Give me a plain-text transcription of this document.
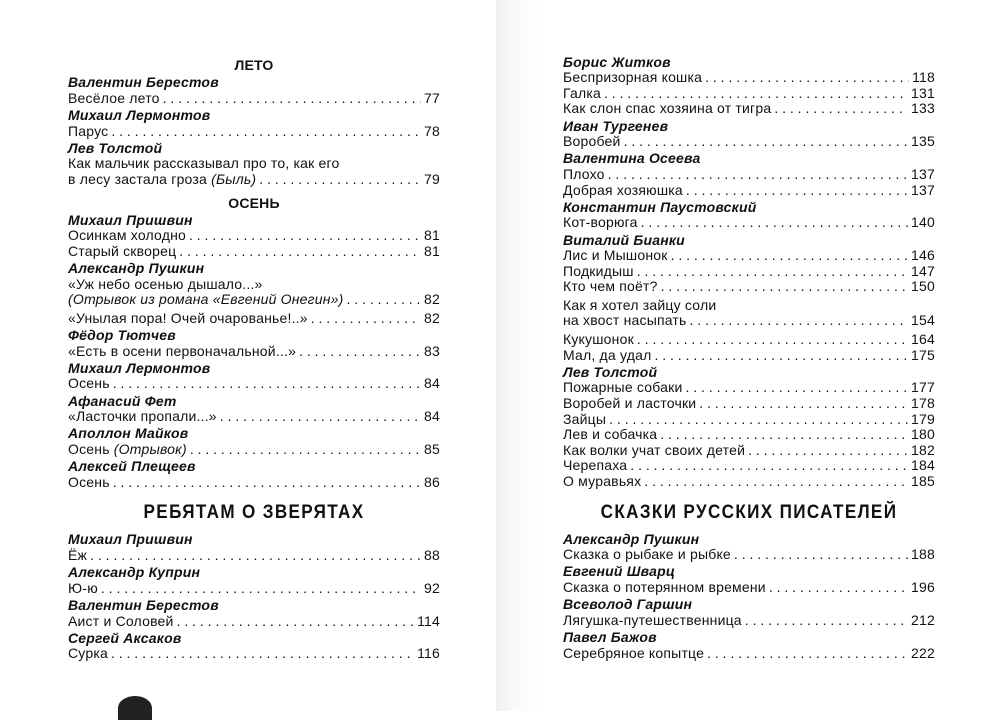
ЛЕТО
Валентин Берестов
Весёлое лето . . .	77
Михаил Лермонтов
Парус . . .	78
Лев Толстой
Как мальчик рассказывал про то, как его
в лесу застала гроза (Быль) . . .	79
ОСЕНЬ
Михаил Пришвин
Осинкам холодно . . .	81
Старый скворец . . .	81
Александр Пушкин
«Уж небо осенью дышало...»
(Отрывок из романа «Евгений Онегин») . . .	82
«Унылая пора! Очей очарованье!..» . . .	82
Фёдор Тютчев
«Есть в осени первоначальной...» . . .	83
Михаил Лермонтов
Осень . . .	84
Афанасий Фет
«Ласточки пропали...» . . .	84
Аполлон Майков
Осень (Отрывок) . . .	85
Алексей Плещеев
Осень . . .	86
РЕБЯТАМ О ЗВЕРЯТАХ
Михаил Пришвин
Ёж . . .	88
Александр Куприн
Ю-ю . . .	92
Валентин Берестов
Аист и Соловей . . .	114
Сергей Аксаков
Сурка . . .	116
Борис Житков
Беспризорная кошка . . .	118
Галка . . .	131
Как слон спас хозяина от тигра . . .	133
Иван Тургенев
Воробей . . .	135
Валентина Осеева
Плохо . . .	137
Добрая хозяюшка . . .	137
Константин Паустовский
Кот-ворюга . . .	140
Виталий Бианки
Лис и Мышонок . . .	146
Подкидыш . . .	147
Кто чем поёт? . . .	150
Как я хотел зайцу соли
на хвост насыпать . . .	154
Кукушонок . . .	164
Мал, да удал . . .	175
Лев Толстой
Пожарные собаки . . .	177
Воробей и ласточки . . .	178
Зайцы . . .	179
Лев и собачка . . .	180
Как волки учат своих детей . . .	182
Черепаха . . .	184
О муравьях . . .	185
СКАЗКИ РУССКИХ ПИСАТЕЛЕЙ
Александр Пушкин
Сказка о рыбаке и рыбке . . .	188
Евгений Шварц
Сказка о потерянном времени . . .	196
Всеволод Гаршин
Лягушка-путешественница . . .	212
Павел Бажов
Серебряное копытце . . .	222
